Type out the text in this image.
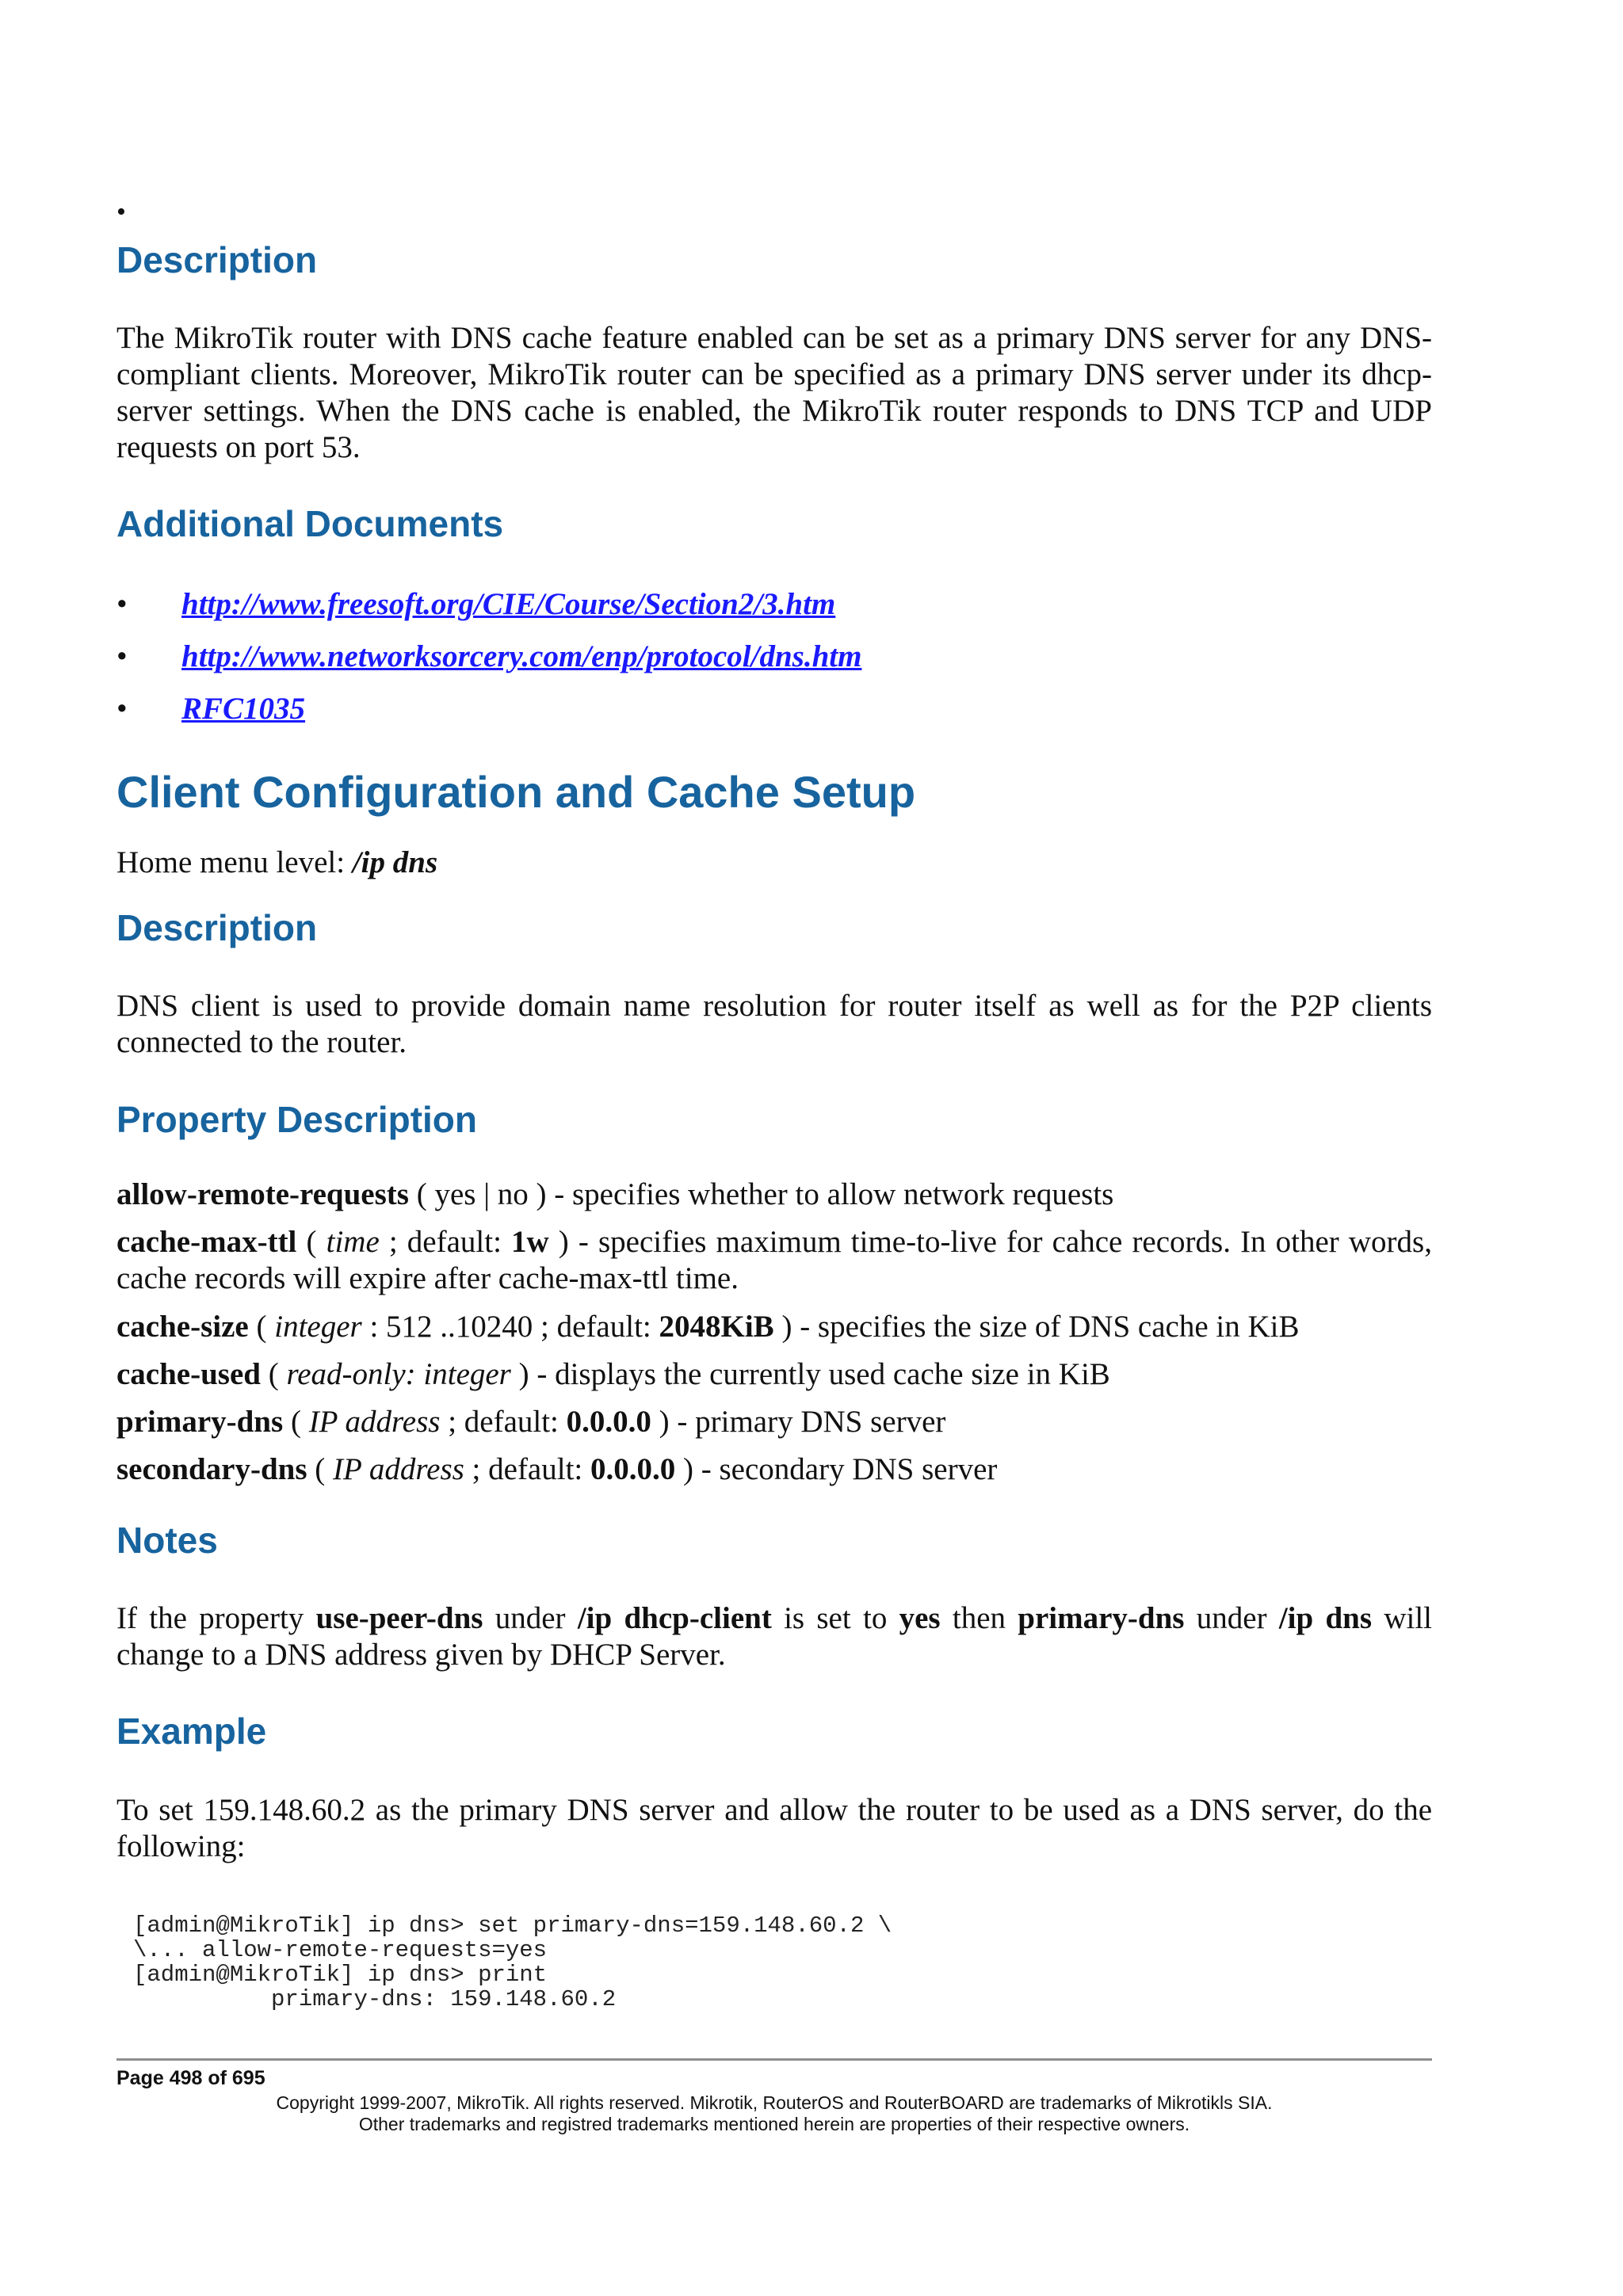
•
Description
The MikroTik router with DNS cache feature enabled can be set as a primary DNS server for any DNS-compliant clients. Moreover, MikroTik router can be specified as a primary DNS server under its dhcp-server settings. When the DNS cache is enabled, the MikroTik router responds to DNS TCP and UDP requests on port 53.
Additional Documents
• http://www.freesoft.org/CIE/Course/Section2/3.htm
• http://www.networksorcery.com/enp/protocol/dns.htm
• RFC1035
Client Configuration and Cache Setup
Home menu level: /ip dns
Description
DNS client is used to provide domain name resolution for router itself as well as for the P2P clients connected to the router.
Property Description
allow-remote-requests ( yes | no ) - specifies whether to allow network requests
cache-max-ttl ( time ; default: 1w ) - specifies maximum time-to-live for cahce records. In other words, cache records will expire after cache-max-ttl time.
cache-size ( integer : 512 ..10240 ; default: 2048KiB ) - specifies the size of DNS cache in KiB
cache-used ( read-only: integer ) - displays the currently used cache size in KiB
primary-dns ( IP address ; default: 0.0.0.0 ) - primary DNS server
secondary-dns ( IP address ; default: 0.0.0.0 ) - secondary DNS server
Notes
If the property use-peer-dns under /ip dhcp-client is set to yes then primary-dns under /ip dns will change to a DNS address given by DHCP Server.
Example
To set 159.148.60.2 as the primary DNS server and allow the router to be used as a DNS server, do the following:
[admin@MikroTik] ip dns> set primary-dns=159.148.60.2 \
\... allow-remote-requests=yes
[admin@MikroTik] ip dns> print
primary-dns: 159.148.60.2
Page 498 of 695
Copyright 1999-2007, MikroTik. All rights reserved. Mikrotik, RouterOS and RouterBOARD are trademarks of Mikrotikls SIA.
Other trademarks and registred trademarks mentioned herein are properties of their respective owners.
